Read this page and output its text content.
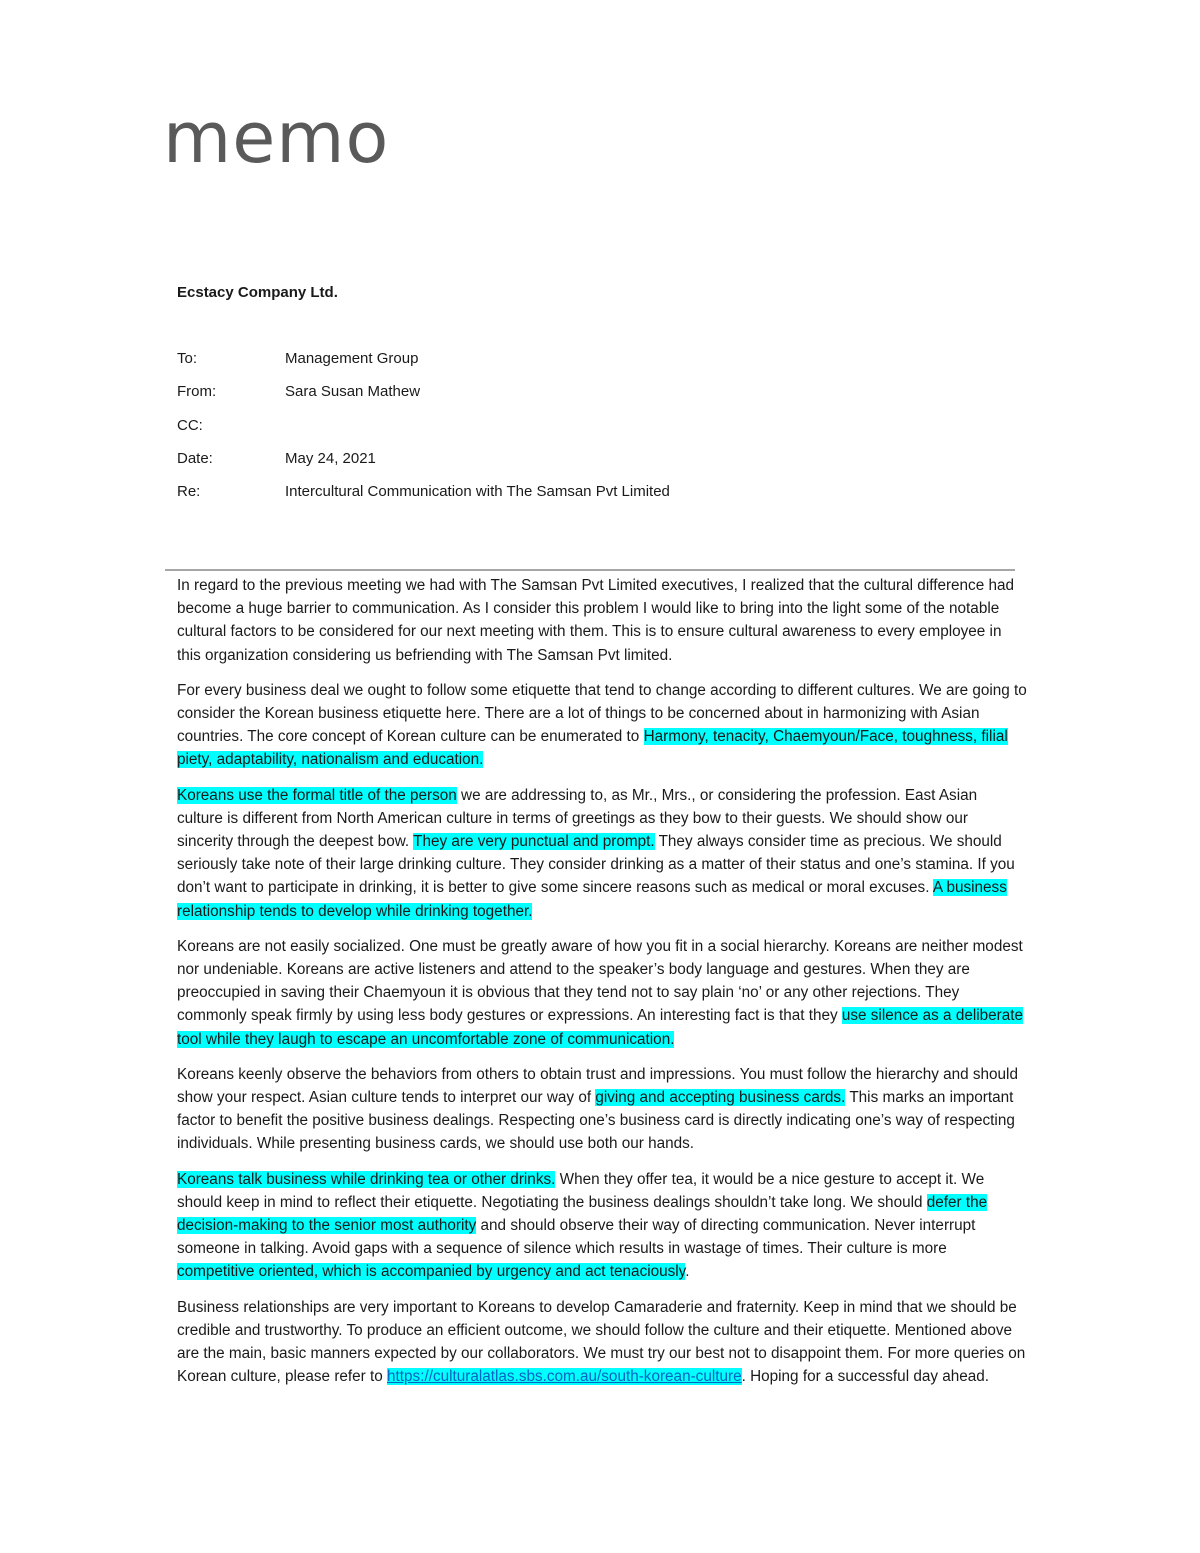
memo
Ecstacy Company Ltd.
To:	Management Group
From:	Sara Susan Mathew
CC:
Date:	May 24, 2021
Re:	Intercultural Communication with The Samsan Pvt Limited

In regard to the previous meeting we had with The Samsan Pvt Limited executives, I realized that the cultural difference had become a huge barrier to communication. As I consider this problem I would like to bring into the light some of the notable cultural factors to be considered for our next meeting with them. This is to ensure cultural awareness to every employee in this organization considering us befriending with The Samsan Pvt limited.

For every business deal we ought to follow some etiquette that tend to change according to different cultures. We are going to consider the Korean business etiquette here. There are a lot of things to be concerned about in harmonizing with Asian countries. The core concept of Korean culture can be enumerated to Harmony, tenacity, Chaemyoun/Face, toughness, filial piety, adaptability, nationalism and education.

Koreans use the formal title of the person we are addressing to, as Mr., Mrs., or considering the profession. East Asian culture is different from North American culture in terms of greetings as they bow to their guests. We should show our sincerity through the deepest bow. They are very punctual and prompt. They always consider time as precious. We should seriously take note of their large drinking culture. They consider drinking as a matter of their status and one’s stamina. If you don’t want to participate in drinking, it is better to give some sincere reasons such as medical or moral excuses. A business relationship tends to develop while drinking together.

Koreans are not easily socialized. One must be greatly aware of how you fit in a social hierarchy. Koreans are neither modest nor undeniable. Koreans are active listeners and attend to the speaker’s body language and gestures. When they are preoccupied in saving their Chaemyoun it is obvious that they tend not to say plain ‘no’ or any other rejections. They commonly speak firmly by using less body gestures or expressions. An interesting fact is that they use silence as a deliberate tool while they laugh to escape an uncomfortable zone of communication.

Koreans keenly observe the behaviors from others to obtain trust and impressions. You must follow the hierarchy and should show your respect. Asian culture tends to interpret our way of giving and accepting business cards. This marks an important factor to benefit the positive business dealings. Respecting one’s business card is directly indicating one’s way of respecting individuals. While presenting business cards, we should use both our hands.

Koreans talk business while drinking tea or other drinks. When they offer tea, it would be a nice gesture to accept it. We should keep in mind to reflect their etiquette. Negotiating the business dealings shouldn’t take long. We should defer the decision-making to the senior most authority and should observe their way of directing communication. Never interrupt someone in talking. Avoid gaps with a sequence of silence which results in wastage of times. Their culture is more competitive oriented, which is accompanied by urgency and act tenaciously.

Business relationships are very important to Koreans to develop Camaraderie and fraternity. Keep in mind that we should be credible and trustworthy. To produce an efficient outcome, we should follow the culture and their etiquette. Mentioned above are the main, basic manners expected by our collaborators. We must try our best not to disappoint them. For more queries on Korean culture, please refer to https://culturalatlas.sbs.com.au/south-korean-culture. Hoping for a successful day ahead.
